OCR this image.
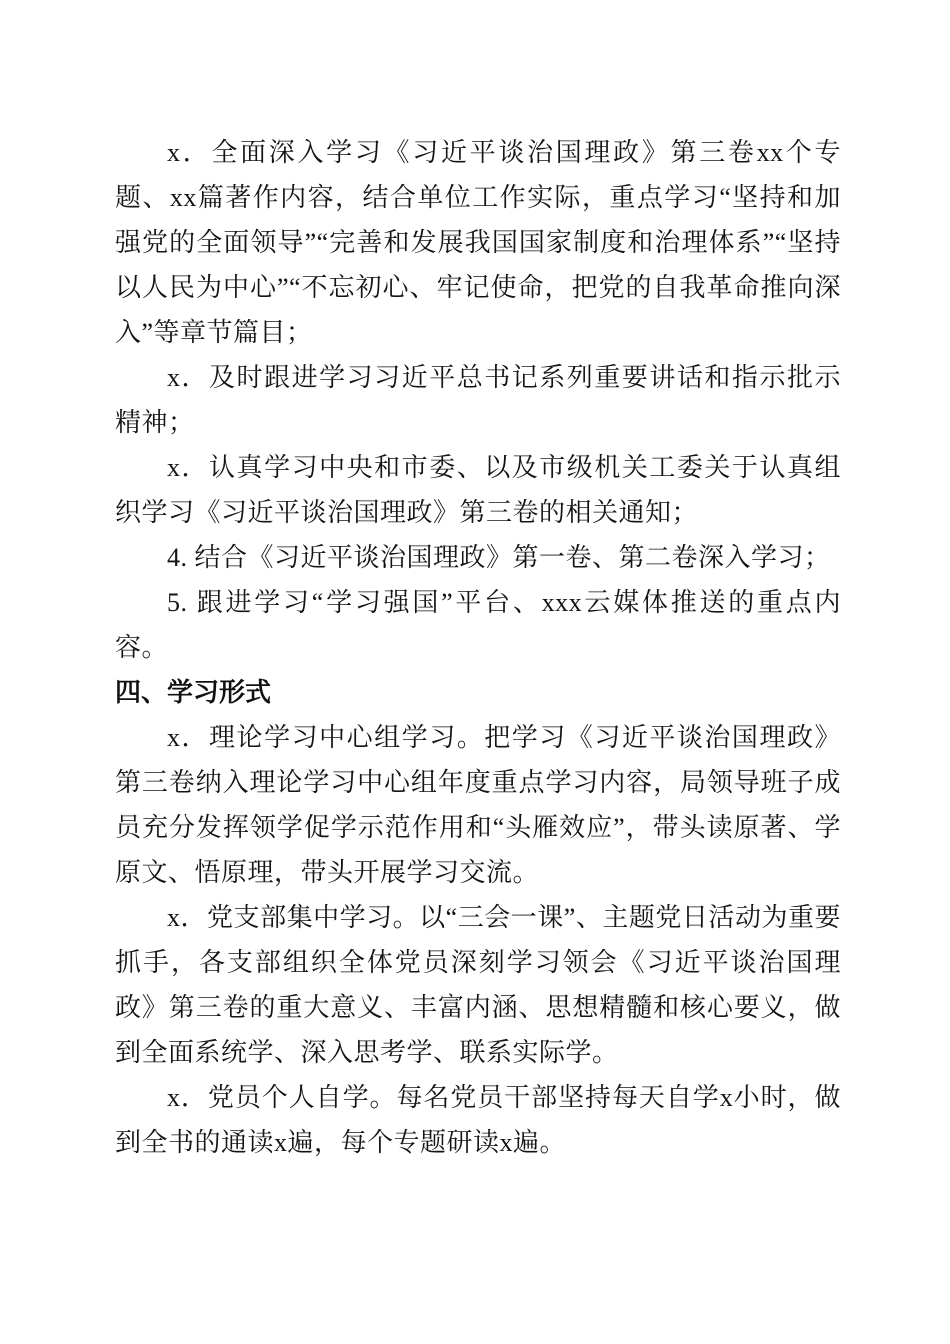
x．全面深入学习《习近平谈治国理政》第三卷xx个专题、xx篇著作内容，结合单位工作实际，重点学习“坚持和加强党的全面领导”“完善和发展我国国家制度和治理体系”“坚持以人民为中心”“不忘初心、牢记使命，把党的自我革命推向深入”等章节篇目；

x．及时跟进学习习近平总书记系列重要讲话和指示批示精神；

x．认真学习中央和市委、以及市级机关工委关于认真组织学习《习近平谈治国理政》第三卷的相关通知；

4. 结合《习近平谈治国理政》第一卷、第二卷深入学习；

5. 跟进学习“学习强国”平台、xxx云媒体推送的重点内容。

四、学习形式

x．理论学习中心组学习。把学习《习近平谈治国理政》第三卷纳入理论学习中心组年度重点学习内容，局领导班子成员充分发挥领学促学示范作用和“头雁效应”，带头读原著、学原文、悟原理，带头开展学习交流。

x．党支部集中学习。以“三会一课”、主题党日活动为重要抓手，各支部组织全体党员深刻学习领会《习近平谈治国理政》第三卷的重大意义、丰富内涵、思想精髓和核心要义，做到全面系统学、深入思考学、联系实际学。

x．党员个人自学。每名党员干部坚持每天自学x小时，做到全书的通读x遍，每个专题研读x遍。
